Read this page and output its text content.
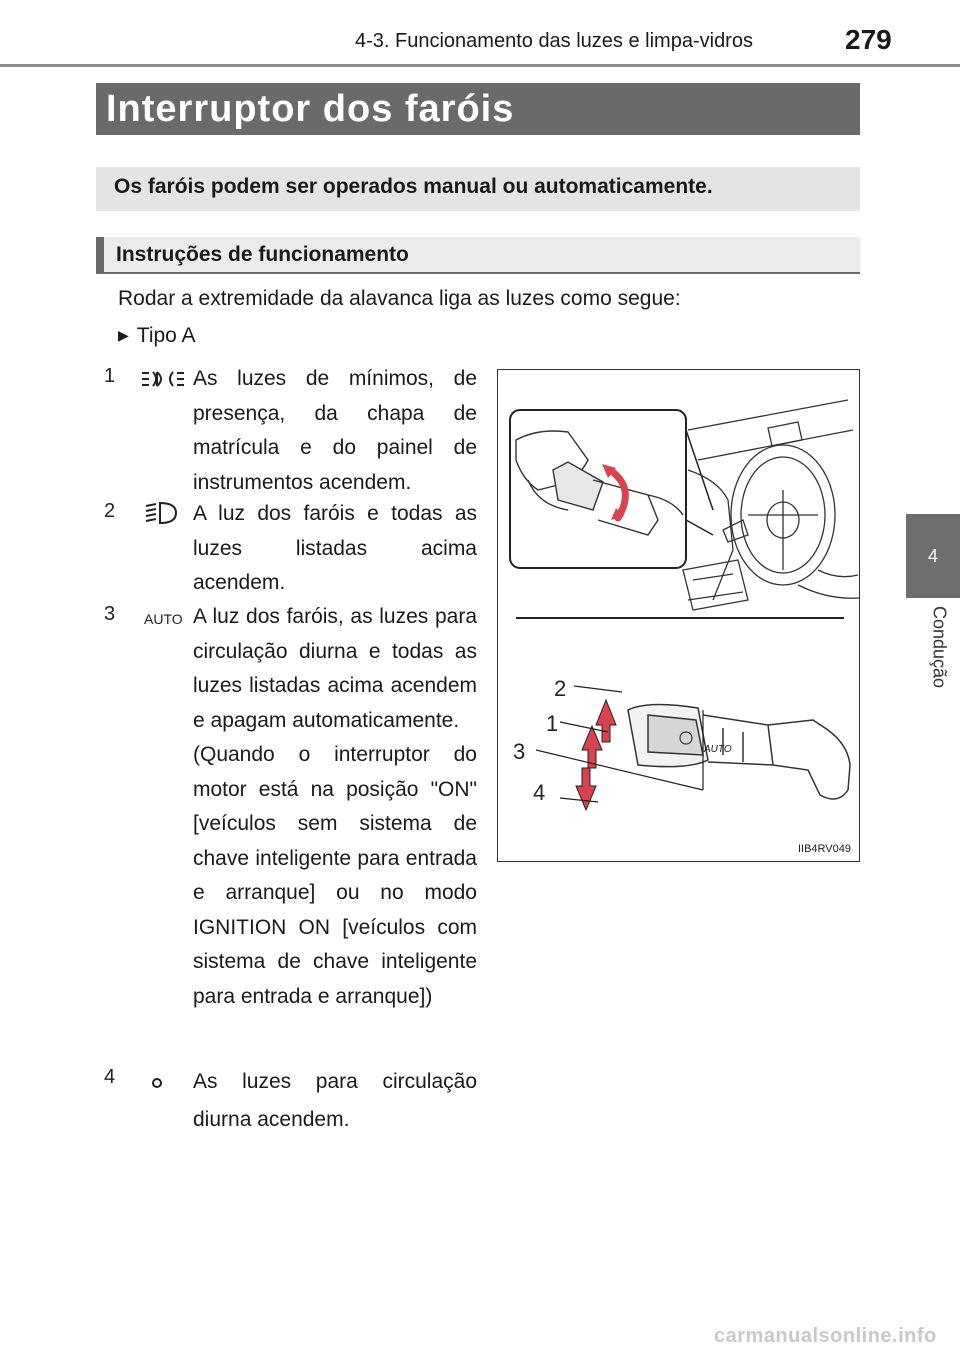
4-3. Funcionamento das luzes e limpa-vidros	279
4
Condução
Interruptor dos faróis
Os faróis podem ser operados manual ou automaticamente.
Instruções de funcionamento
Rodar a extremidade da alavanca liga as luzes como segue:
▶ Tipo A
1	As luzes de mínimos, de presença, da chapa de matrícula e do painel de instrumentos acendem.
2	A luz dos faróis e todas as luzes listadas acima acendem.
3	AUTO A luz dos faróis, as luzes para circulação diurna e todas as luzes listadas acima acendem e apagam automaticamente.
(Quando o interruptor do motor está na posição "ON" [veículos sem sistema de chave inteligente para entrada e arranque] ou no modo IGNITION ON [veículos com sistema de chave inteligente para entrada e arranque])
4	As luzes para circulação diurna acendem.
AUTO
2
1
3
4
IIB4RV049
carmanualsonline.info
